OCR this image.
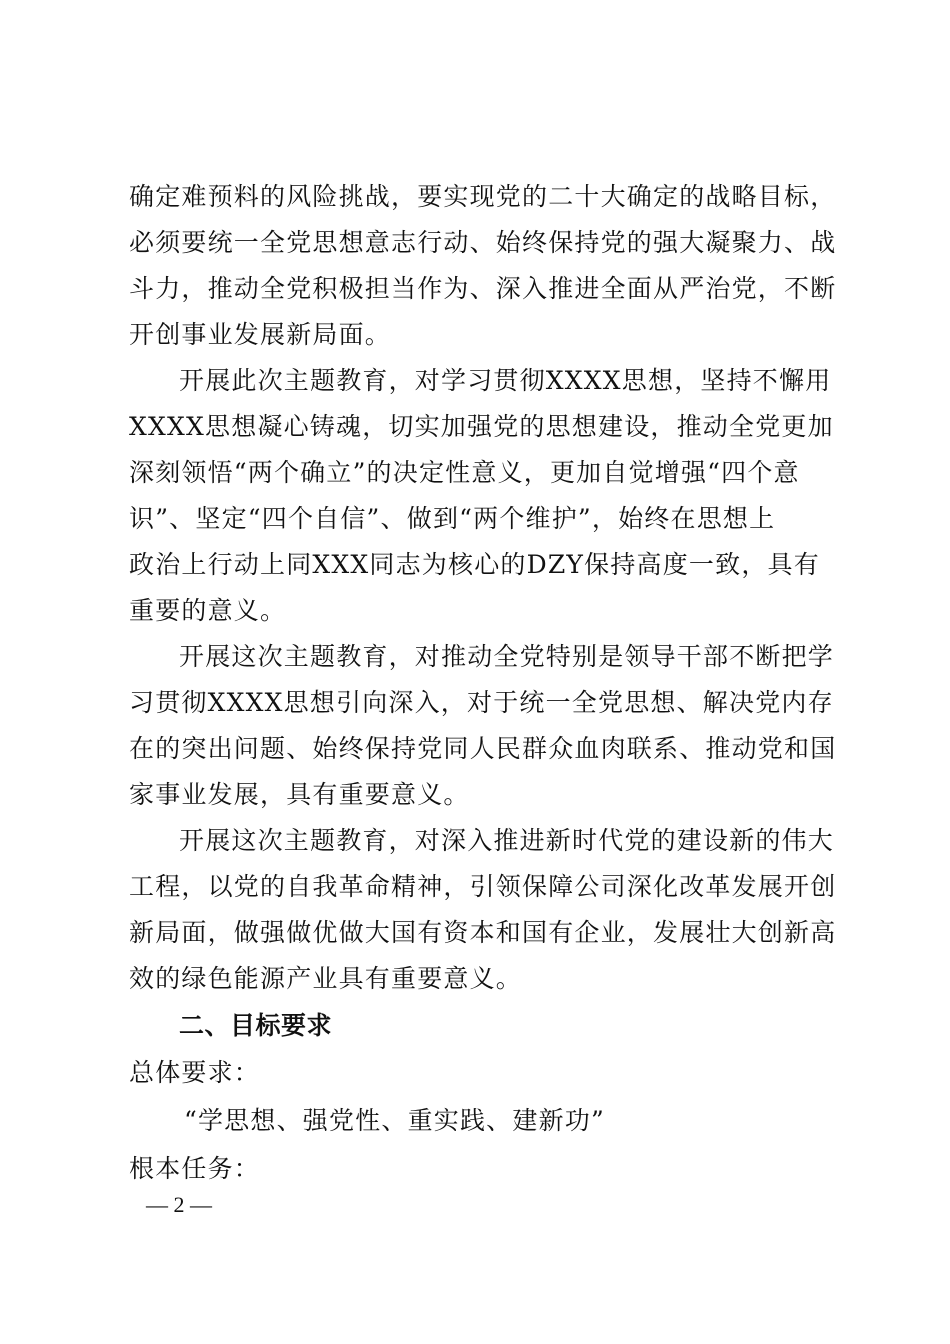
确定难预料的风险挑战，要实现党的二十大确定的战略目标，
必须要统一全党思想意志行动、始终保持党的强大凝聚力、战
斗力，推动全党积极担当作为、深入推进全面从严治党，不断
开创事业发展新局面。
开展此次主题教育，对学习贯彻XXXX思想，坚持不懈用
XXXX思想凝心铸魂，切实加强党的思想建设，推动全党更加
深刻领悟“两个确立”的决定性意义，更加自觉增强“四个意
识”、坚定“四个自信”、做到“两个维护”，始终在思想上
政治上行动上同XXX同志为核心的DZY保持高度一致，具有
重要的意义。
开展这次主题教育，对推动全党特别是领导干部不断把学
习贯彻XXXX思想引向深入，对于统一全党思想、解决党内存
在的突出问题、始终保持党同人民群众血肉联系、推动党和国
家事业发展，具有重要意义。
开展这次主题教育，对深入推进新时代党的建设新的伟大
工程，以党的自我革命精神，引领保障公司深化改革发展开创
新局面，做强做优做大国有资本和国有企业，发展壮大创新高
效的绿色能源产业具有重要意义。
二、目标要求
总体要求：
“学思想、强党性、重实践、建新功”
根本任务：
— 2 —
